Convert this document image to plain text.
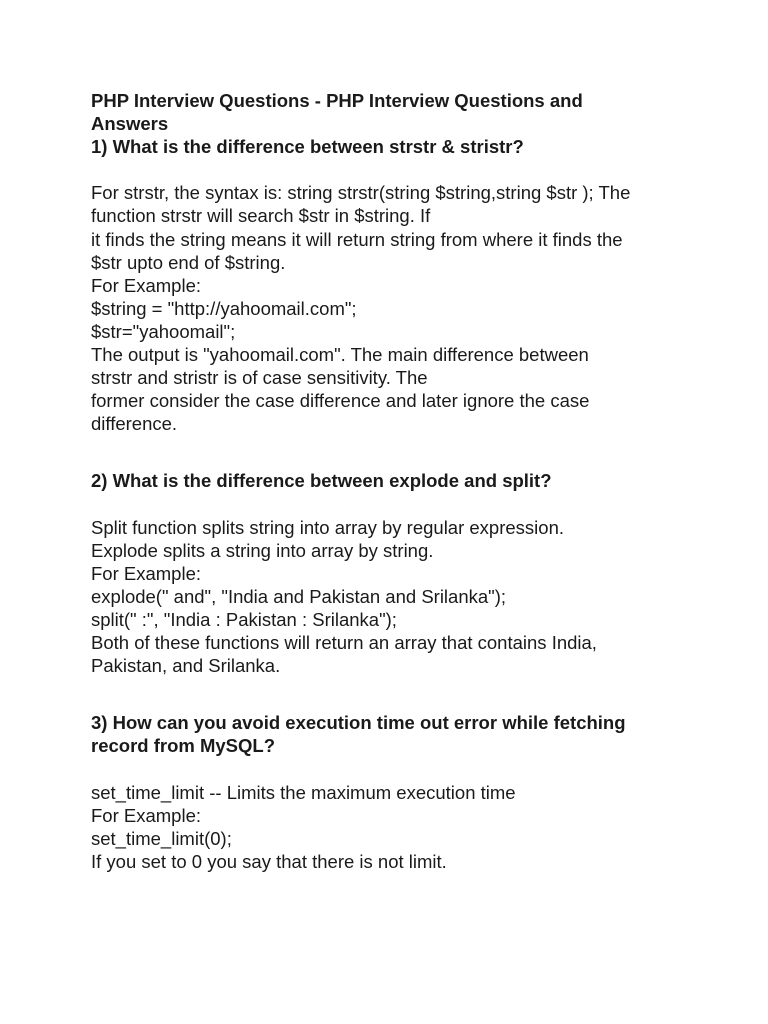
PHP Interview Questions - PHP Interview Questions and
Answers
1) What is the difference between strstr & stristr?
For strstr, the syntax is: string strstr(string $string,string $str ); The
function strstr will search $str in $string. If
it finds the string means it will return string from where it finds the
$str upto end of $string.
For Example:
$string = "http://yahoomail.com";
$str="yahoomail";
The output is "yahoomail.com". The main difference between
strstr and stristr is of case sensitivity. The
former consider the case difference and later ignore the case
difference.
2) What is the difference between explode and split?
Split function splits string into array by regular expression.
Explode splits a string into array by string.
For Example:
explode(" and", "India and Pakistan and Srilanka");
split(" :", "India : Pakistan : Srilanka");
Both of these functions will return an array that contains India,
Pakistan, and Srilanka.
3) How can you avoid execution time out error while fetching
record from MySQL?
set_time_limit -- Limits the maximum execution time
For Example:
set_time_limit(0);
If you set to 0 you say that there is not limit.
